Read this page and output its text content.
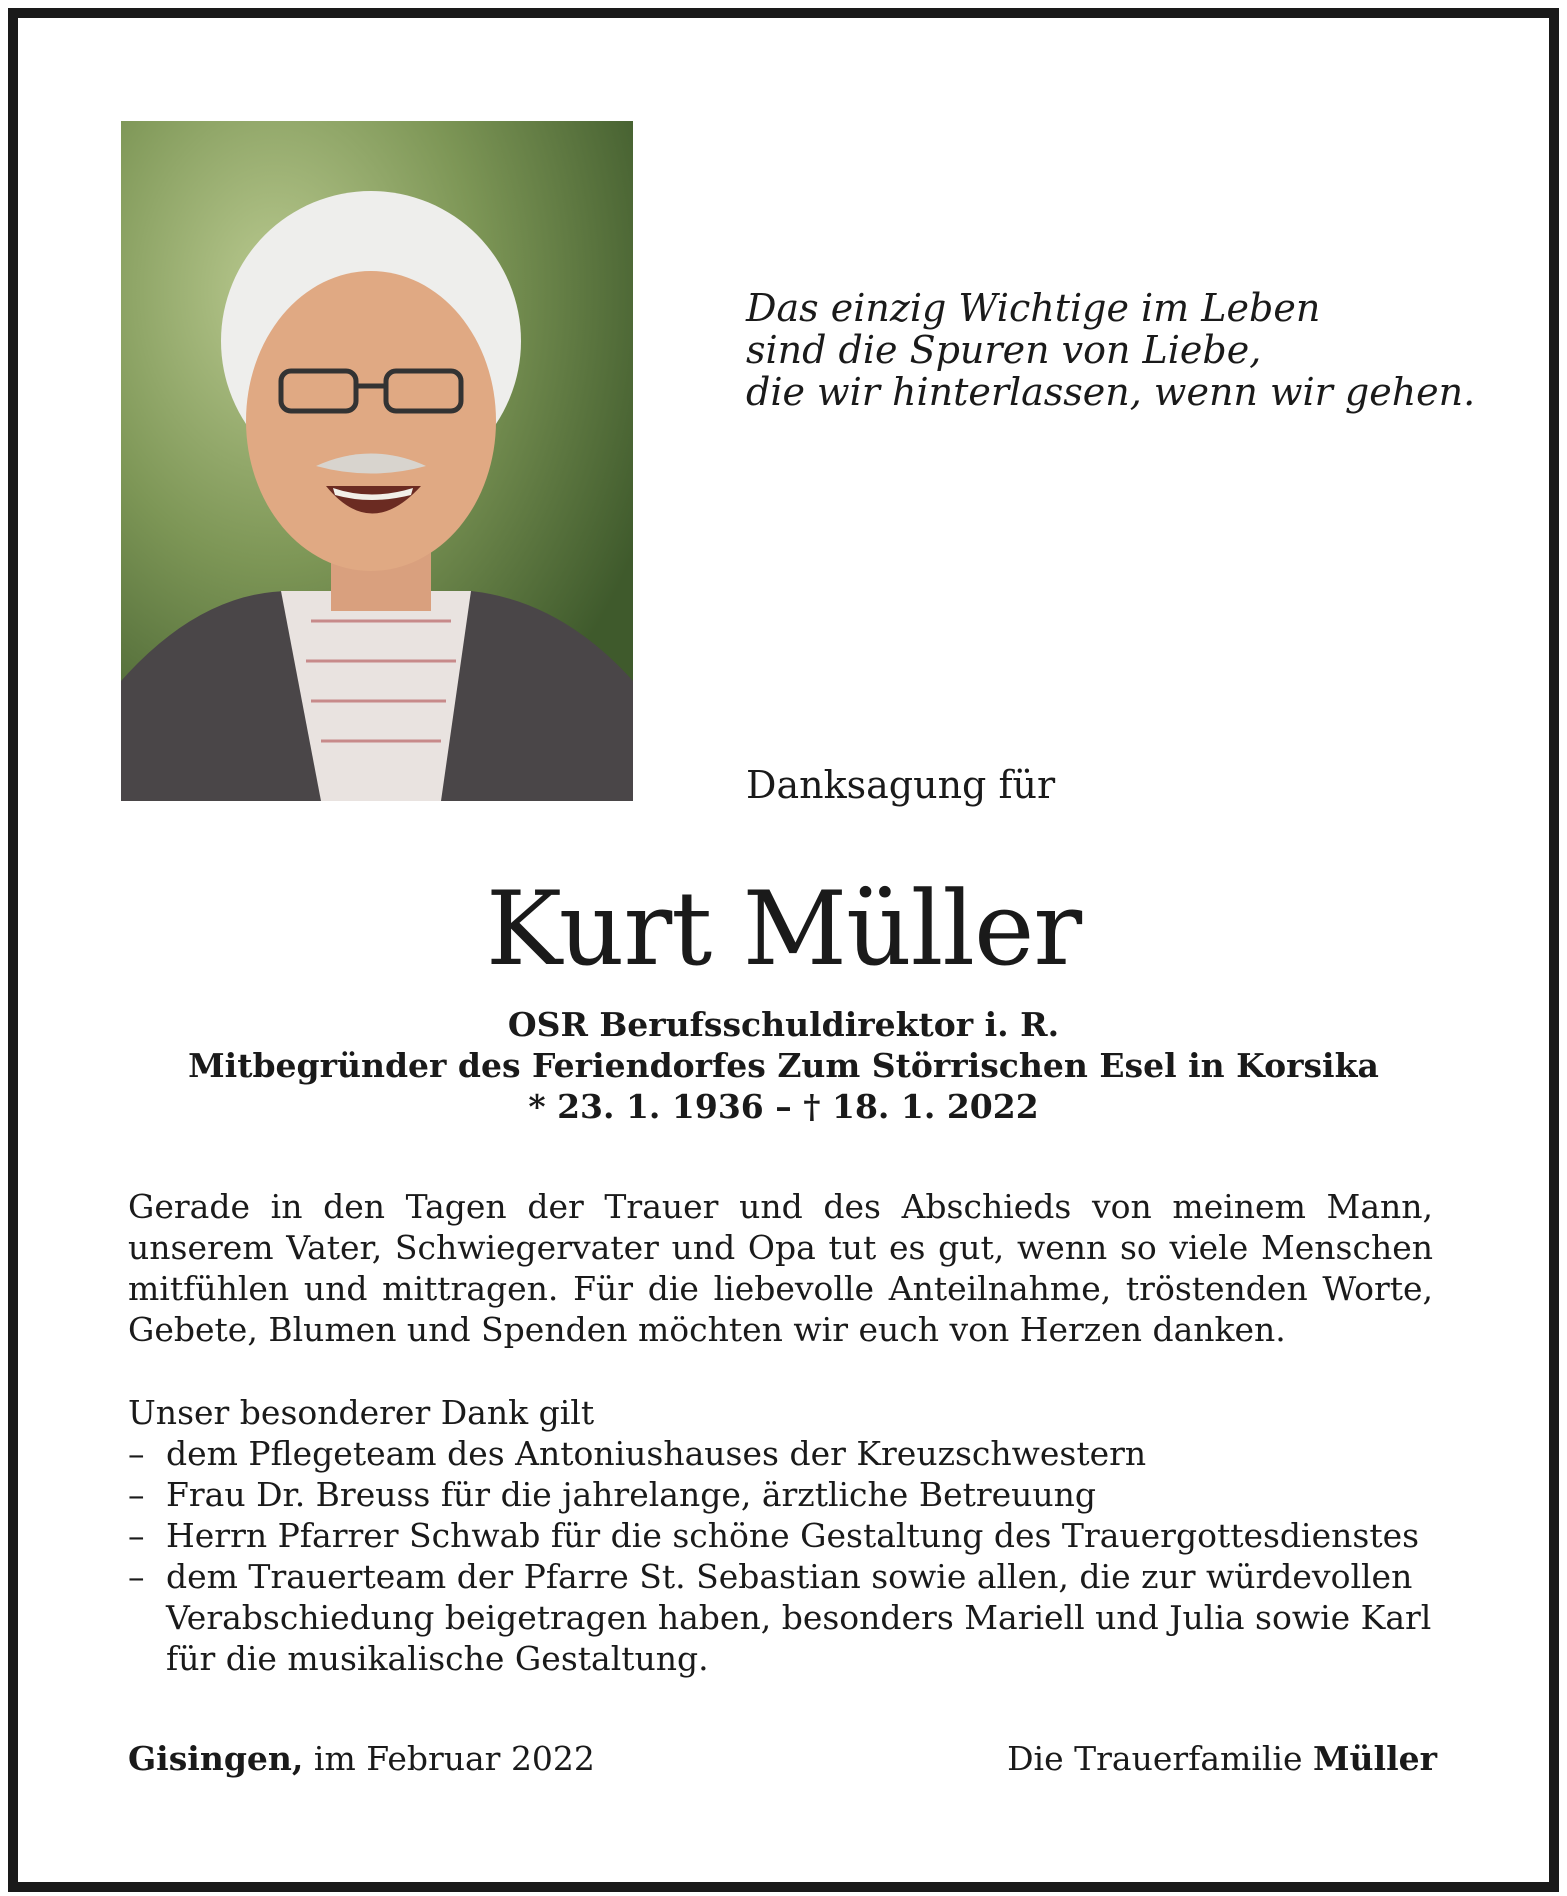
Das einzig Wichtige im Leben
sind die Spuren von Liebe,
die wir hinterlassen, wenn wir gehen.
Danksagung für
Kurt Müller
OSR Berufsschuldirektor i. R.
Mitbegründer des Feriendorfes Zum Störrischen Esel in Korsika
* 23. 1. 1936 – † 18. 1. 2022
Gerade in den Tagen der Trauer und des Abschieds von meinem Mann, unserem Vater, Schwiegervater und Opa tut es gut, wenn so viele Menschen mitfühlen und mittragen. Für die liebevolle Anteilnahme, tröstenden Worte, Gebete, Blumen und Spenden möchten wir euch von Herzen danken.
Unser besonderer Dank gilt
– dem Pflegeteam des Antoniushauses der Kreuzschwestern
– Frau Dr. Breuss für die jahrelange, ärztliche Betreuung
– Herrn Pfarrer Schwab für die schöne Gestaltung des Trauergottesdienstes
– dem Trauerteam der Pfarre St. Sebastian sowie allen, die zur würdevollen Verabschiedung beigetragen haben, besonders Mariell und Julia sowie Karl für die musikalische Gestaltung.
Gisingen, im Februar 2022	Die Trauerfamilie Müller
